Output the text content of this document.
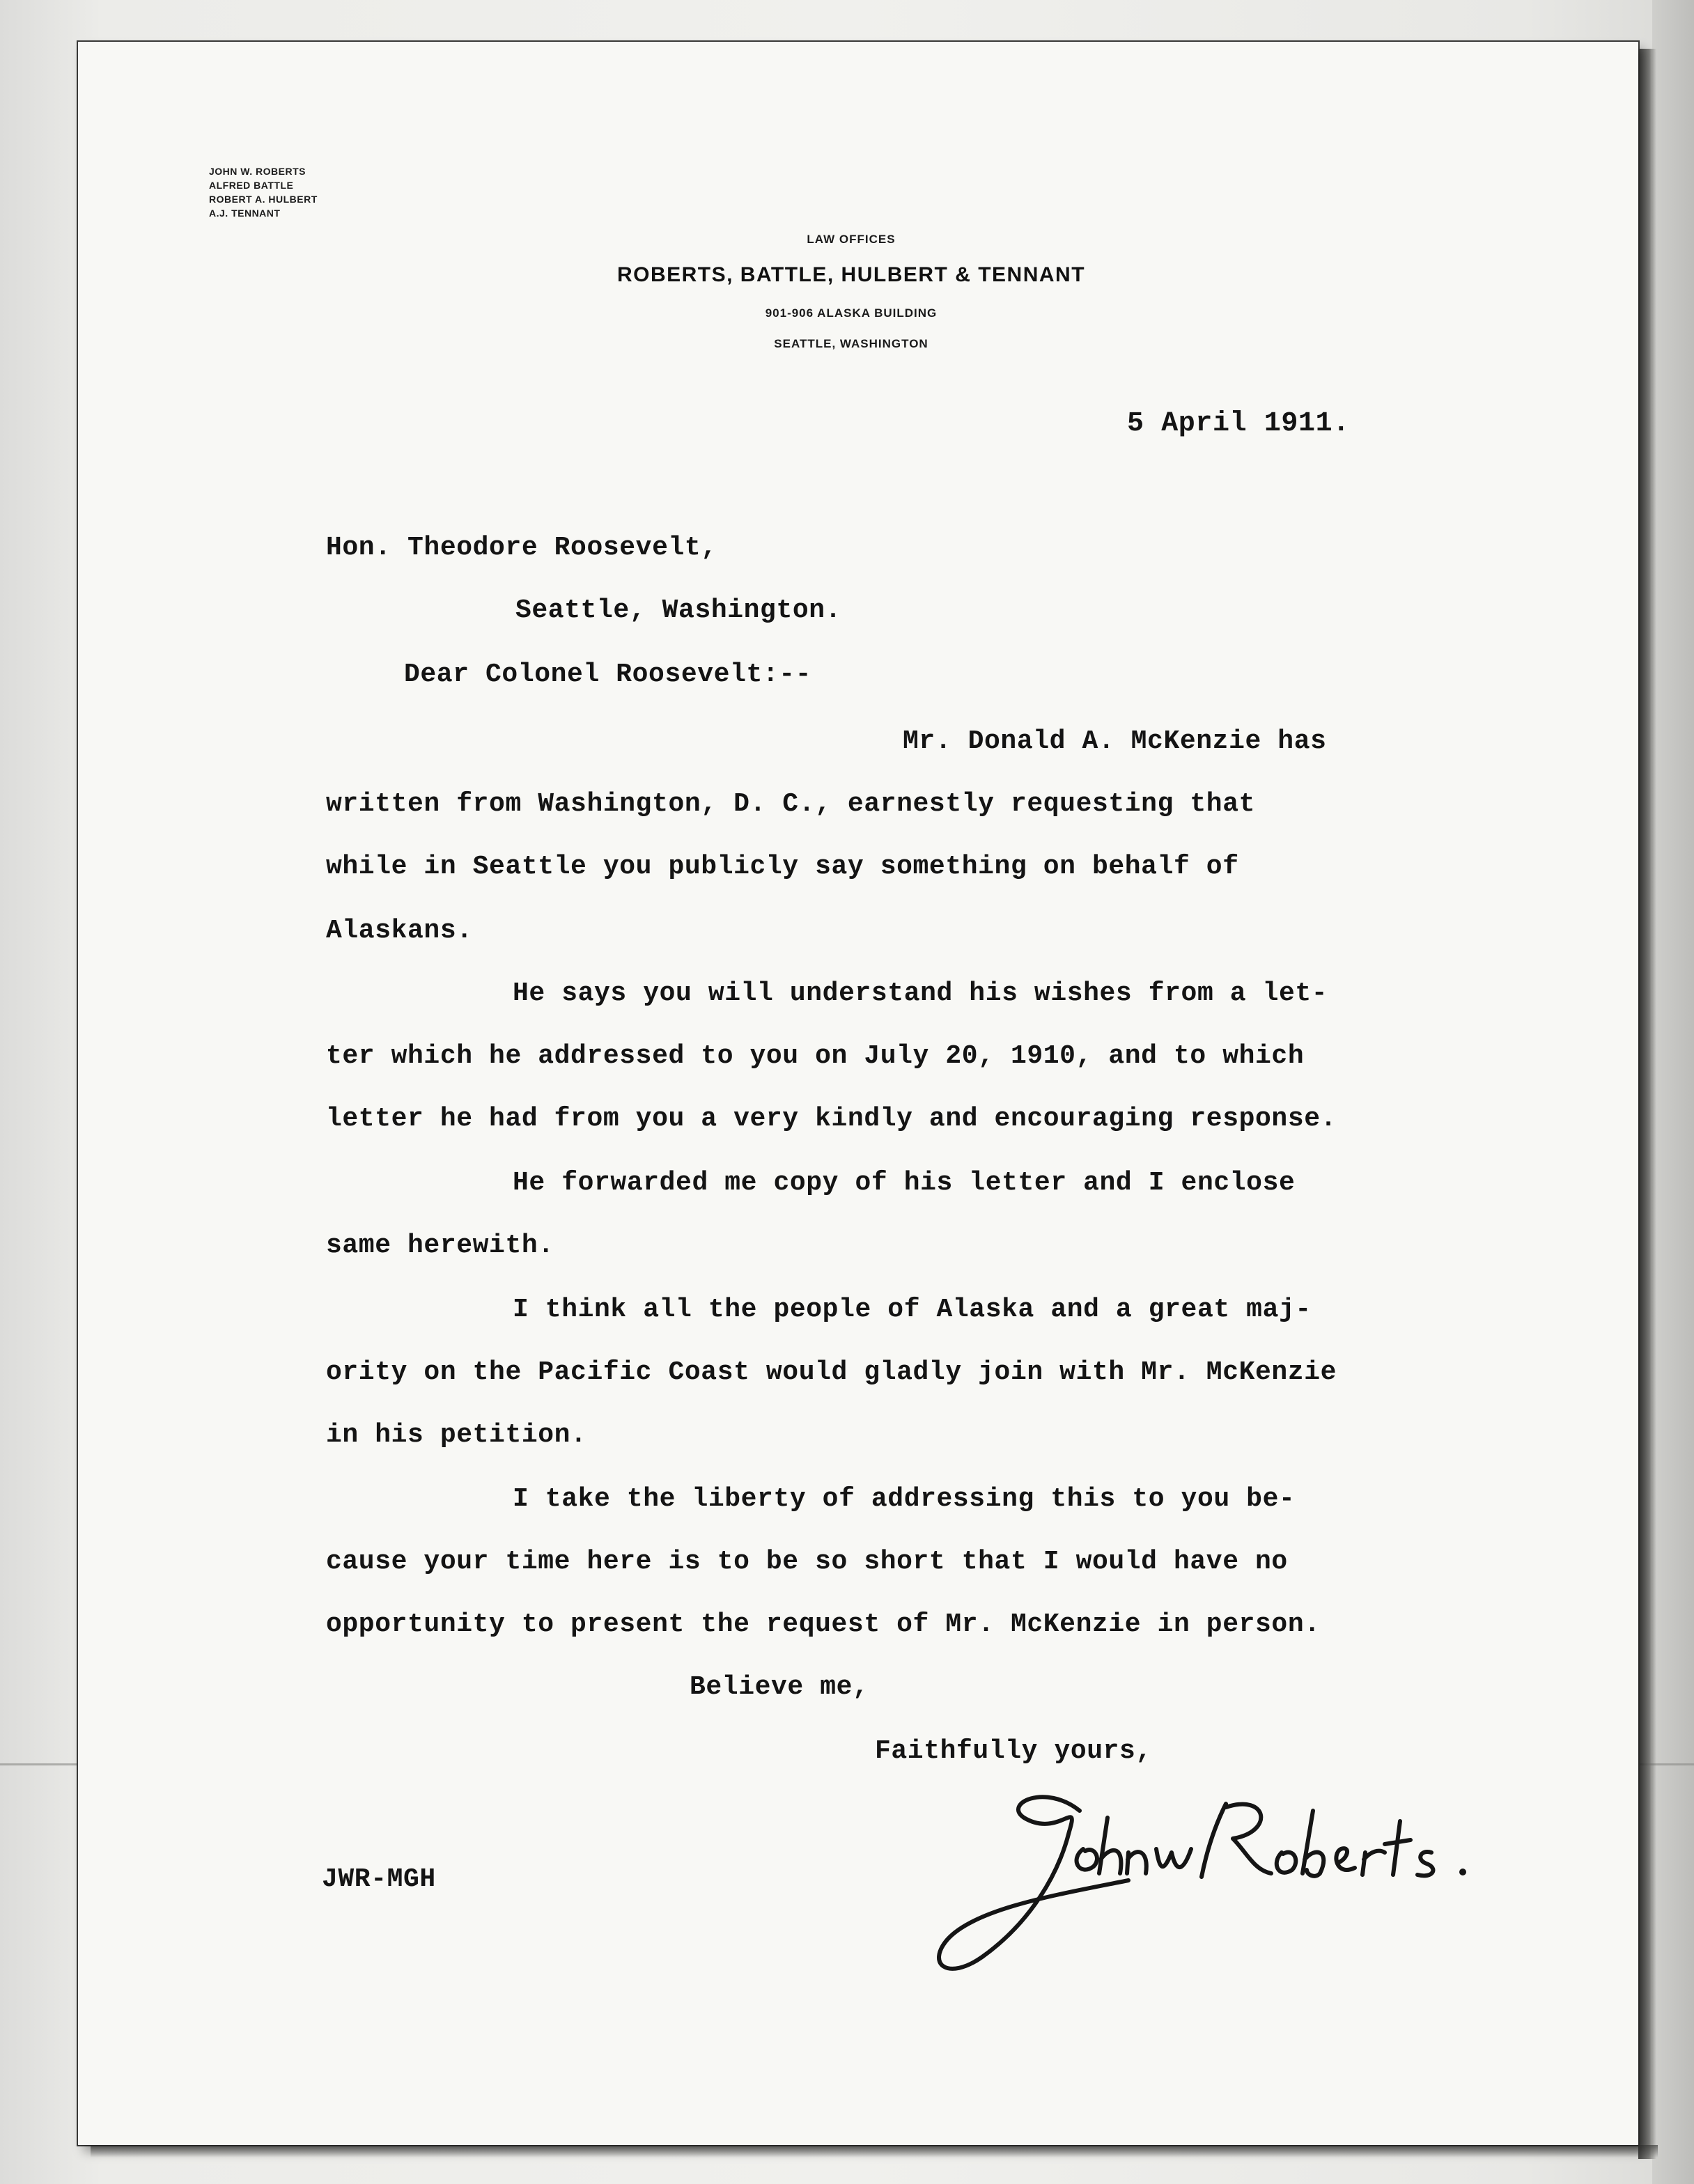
JOHN W. ROBERTS
ALFRED BATTLE
ROBERT A. HULBERT
A.J. TENNANT
LAW OFFICES
ROBERTS, BATTLE, HULBERT & TENNANT
901-906 ALASKA BUILDING
SEATTLE, WASHINGTON
5 April 1911.
Hon. Theodore Roosevelt,
Seattle, Washington.
Dear Colonel Roosevelt:--
Mr. Donald A. McKenzie has
written from Washington, D. C., earnestly requesting that
while in Seattle you publicly say something on behalf of
Alaskans.
He says you will understand his wishes from a let-
ter which he addressed to you on July 20, 1910, and to which
letter he had from you a very kindly and encouraging response.
He forwarded me copy of his letter and I enclose
same herewith.
I think all the people of Alaska and a great maj-
ority on the Pacific Coast would gladly join with Mr. McKenzie
in his petition.
I take the liberty of addressing this to you be-
cause your time here is to be so short that I would have no
opportunity to present the request of Mr. McKenzie in person.
Believe me,
Faithfully yours,
JWR-MGH
